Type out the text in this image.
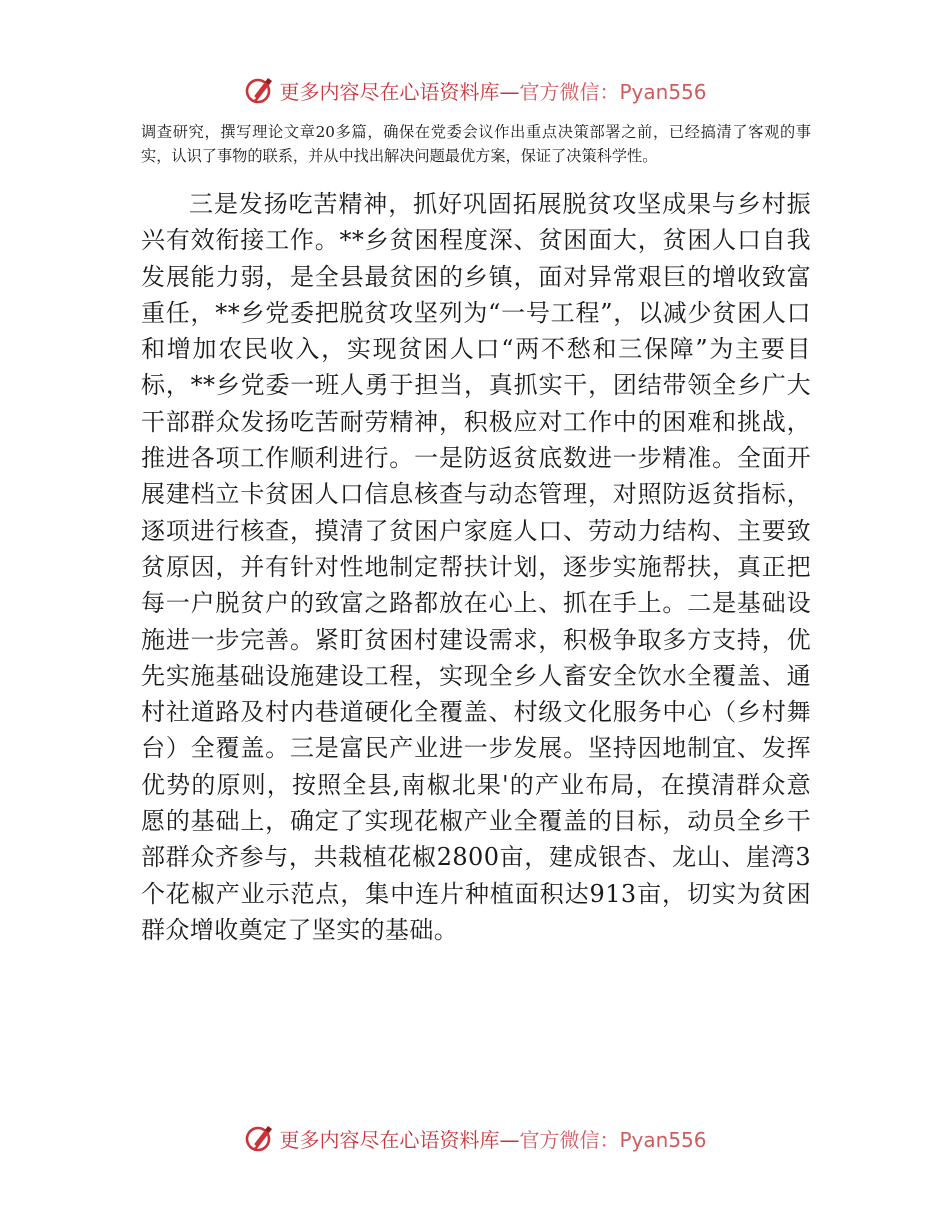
更多内容尽在心语资料库—官方微信：Pyan556

调查研究，撰写理论文章20多篇，确保在党委会议作出重点决策部署之前，已经搞清了客观的事实，认识了事物的联系，并从中找出解决问题最优方案，保证了决策科学性。

三是发扬吃苦精神，抓好巩固拓展脱贫攻坚成果与乡村振兴有效衔接工作。**乡贫困程度深、贫困面大，贫困人口自我发展能力弱，是全县最贫困的乡镇，面对异常艰巨的增收致富重任，**乡党委把脱贫攻坚列为“一号工程”，以减少贫困人口和增加农民收入，实现贫困人口“两不愁和三保障”为主要目标，**乡党委一班人勇于担当，真抓实干，团结带领全乡广大干部群众发扬吃苦耐劳精神，积极应对工作中的困难和挑战，推进各项工作顺利进行。一是防返贫底数进一步精准。全面开展建档立卡贫困人口信息核查与动态管理，对照防返贫指标，逐项进行核查，摸清了贫困户家庭人口、劳动力结构、主要致贫原因，并有针对性地制定帮扶计划，逐步实施帮扶，真正把每一户脱贫户的致富之路都放在心上、抓在手上。二是基础设施进一步完善。紧盯贫困村建设需求，积极争取多方支持，优先实施基础设施建设工程，实现全乡人畜安全饮水全覆盖、通村社道路及村内巷道硬化全覆盖、村级文化服务中心（乡村舞台）全覆盖。三是富民产业进一步发展。坚持因地制宜、发挥优势的原则，按照全县,南椒北果'的产业布局，在摸清群众意愿的基础上，确定了实现花椒产业全覆盖的目标，动员全乡干部群众齐参与，共栽植花椒2800亩，建成银杏、龙山、崖湾3个花椒产业示范点，集中连片种植面积达913亩，切实为贫困群众增收奠定了坚实的基础。

更多内容尽在心语资料库—官方微信：Pyan556
